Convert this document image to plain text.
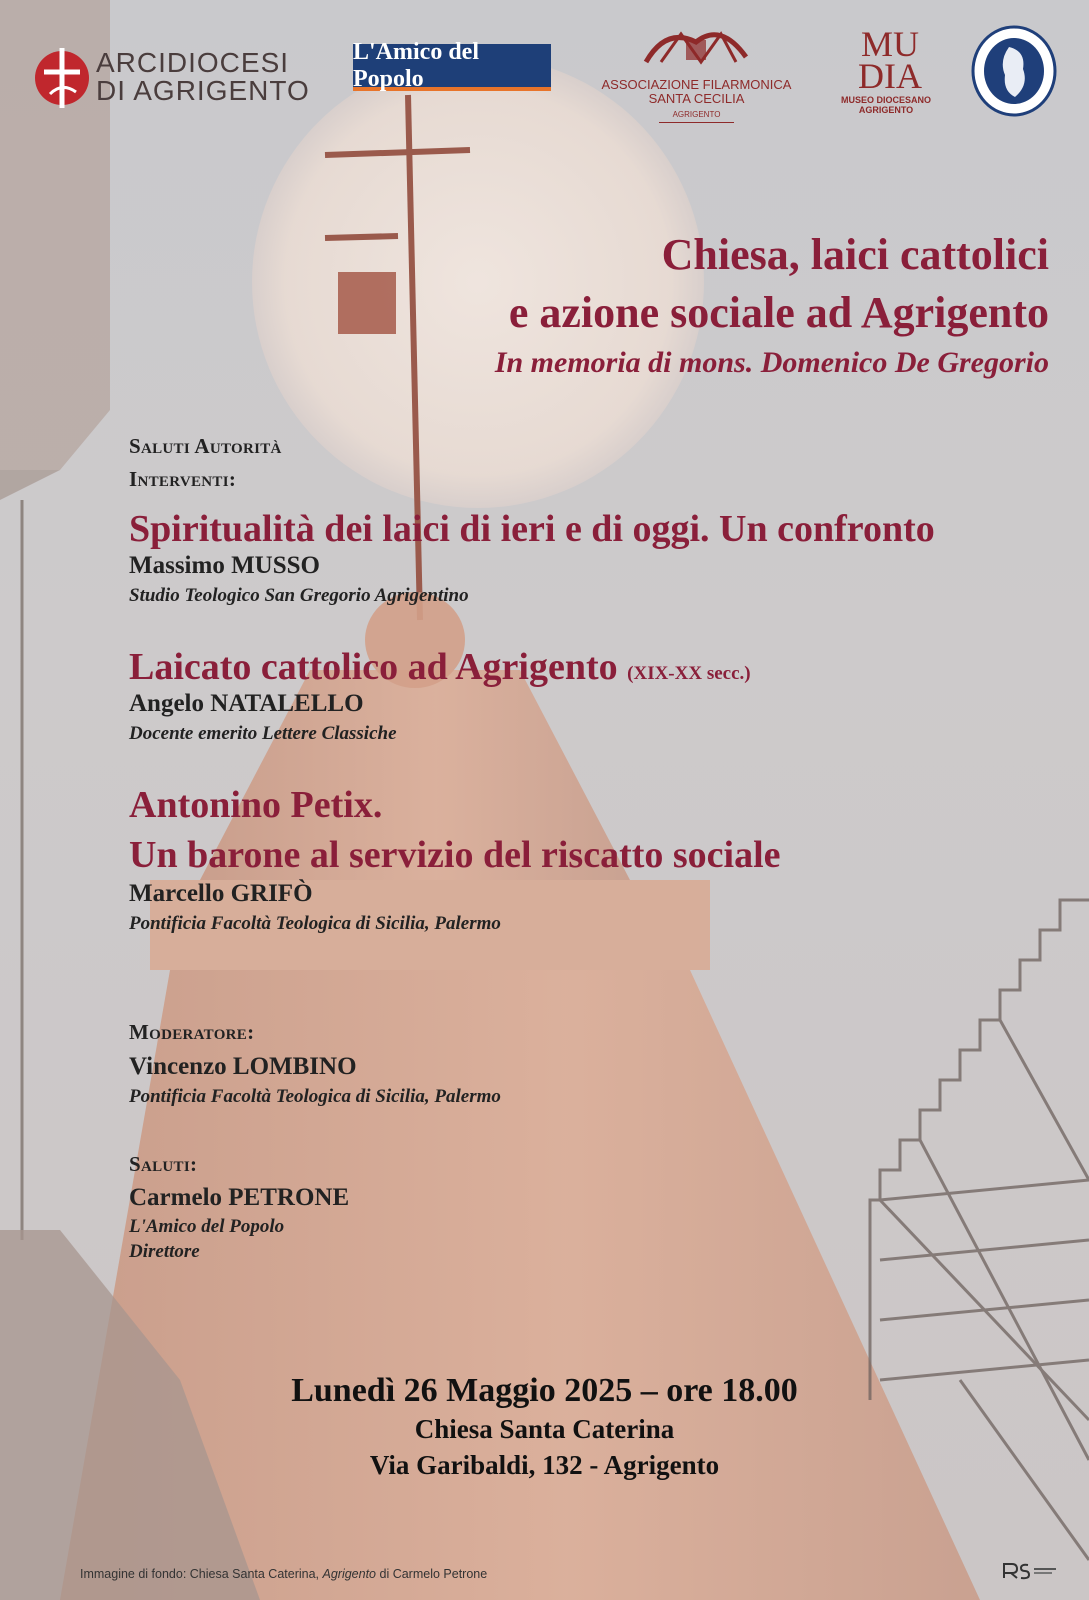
ARCIDIOCESI
DI AGRIGENTO
L'Amico del Popolo	ASSOCIAZIONE FILARMONICA
SANTA CECILIA
AGRIGENTO
MU DIA
MUSEO DIOCESANO
AGRIGENTO
Chiesa, laici cattolici
e azione sociale ad Agrigento
In memoria di mons. Domenico De Gregorio
Saluti Autorità
Interventi:
Spiritualità dei laici di ieri e di oggi. Un confronto
Massimo MUSSO
Studio Teologico San Gregorio Agrigentino
Laicato cattolico ad Agrigento (XIX-XX secc.)
Angelo NATALELLO
Docente emerito Lettere Classiche
Antonino Petix.
Un barone al servizio del riscatto sociale
Marcello GRIFÒ
Pontificia Facoltà Teologica di Sicilia, Palermo
Moderatore:
Vincenzo LOMBINO
Pontificia Facoltà Teologica di Sicilia, Palermo
Saluti:
Carmelo PETRONE
L'Amico del Popolo
Direttore
Lunedì 26 Maggio 2025 – ore 18.00
Chiesa Santa Caterina
Via Garibaldi, 132 - Agrigento
Immagine di fondo: Chiesa Santa Caterina, Agrigento di Carmelo Petrone
